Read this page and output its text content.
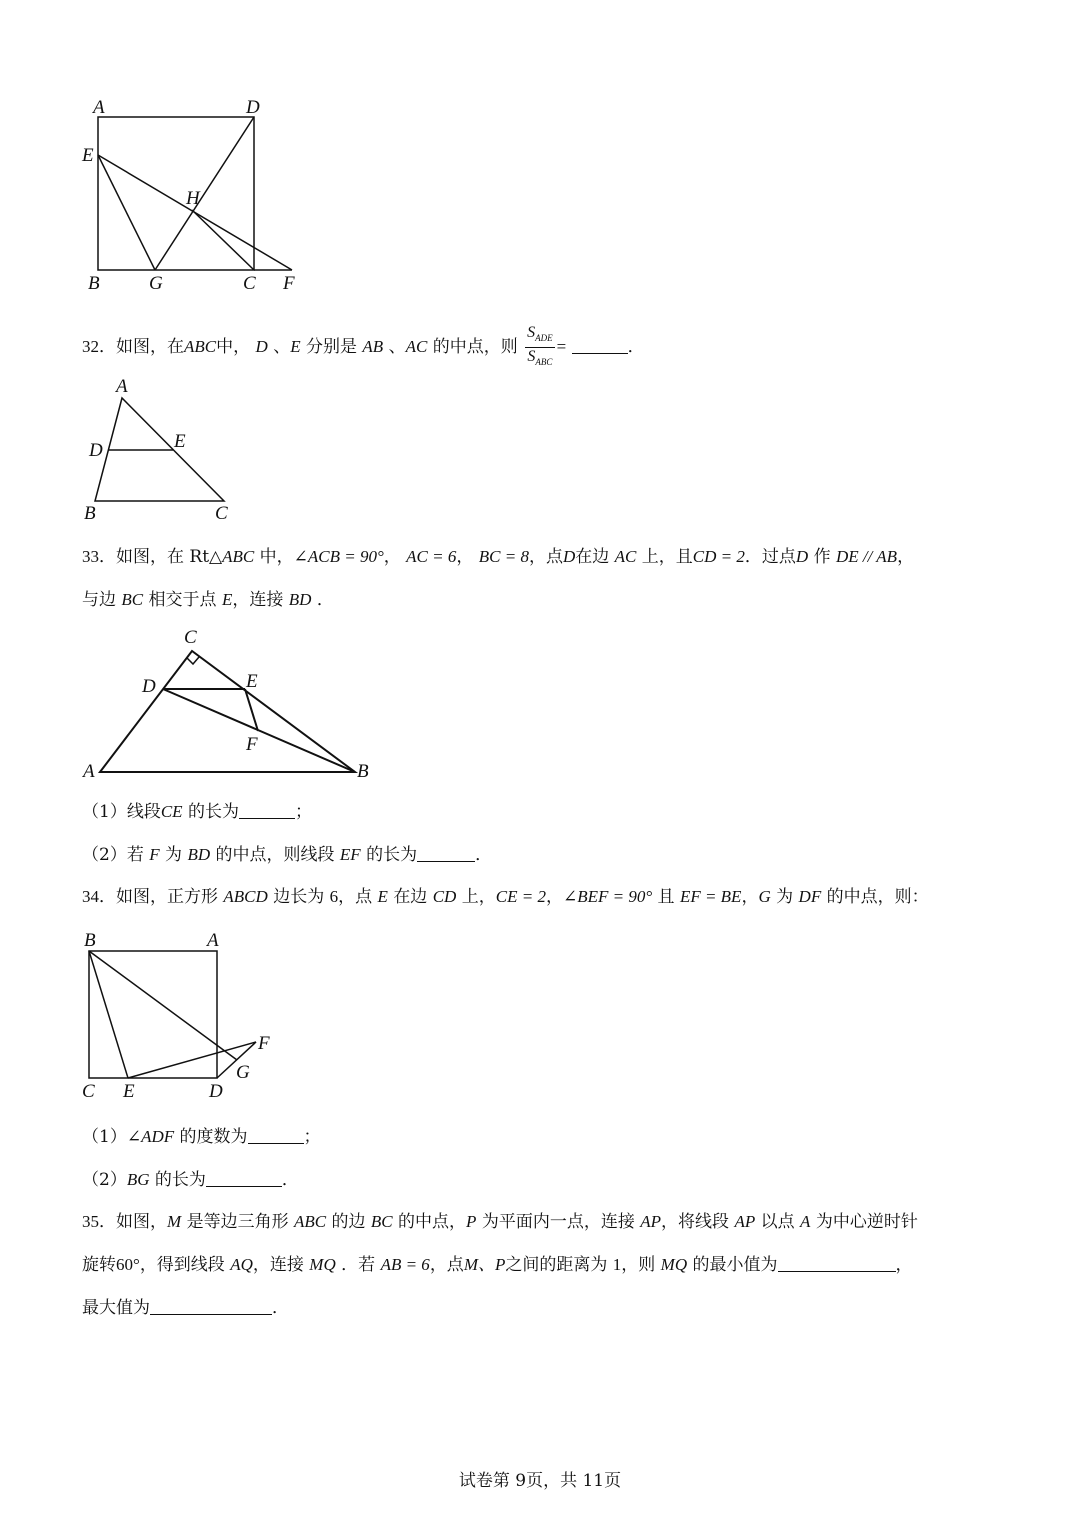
A	D
E
H
B	G	C F
32．如图，在ABC中， D 、E 分别是 AB 、AC 的中点，则 $\frac{S_{ADE}}{S_{ABC}}$ =	．
A
D	E
B	C
33．如图，在 Rt△ABC 中，∠ACB = 90°， AC = 6， BC = 8，点D在边 AC 上，且CD = 2．过点D 作 DE // AB，
与边 BC 相交于点 E，连接 BD ．
C
D	E
F
A	B
（1）线段CE 的长为	；
（2）若 F 为 BD 的中点，则线段 EF 的长为	．
34．如图，正方形 ABCD 边长为 6，点 E 在边 CD 上，CE = 2，∠BEF = 90° 且 EF = BE，G 为 DF 的中点，则：
B	A
F
G
C E	D
（1）∠ADF 的度数为	；
（2）BG 的长为	．
35．如图，M 是等边三角形 ABC 的边 BC 的中点，P 为平面内一点，连接 AP，将线段 AP 以点 A 为中心逆时针
旋转60°，得到线段 AQ，连接 MQ ．若 AB = 6，点M、P之间的距离为 1，则 MQ 的最小值为	，
最大值为	．
试卷第 9页，共 11页
